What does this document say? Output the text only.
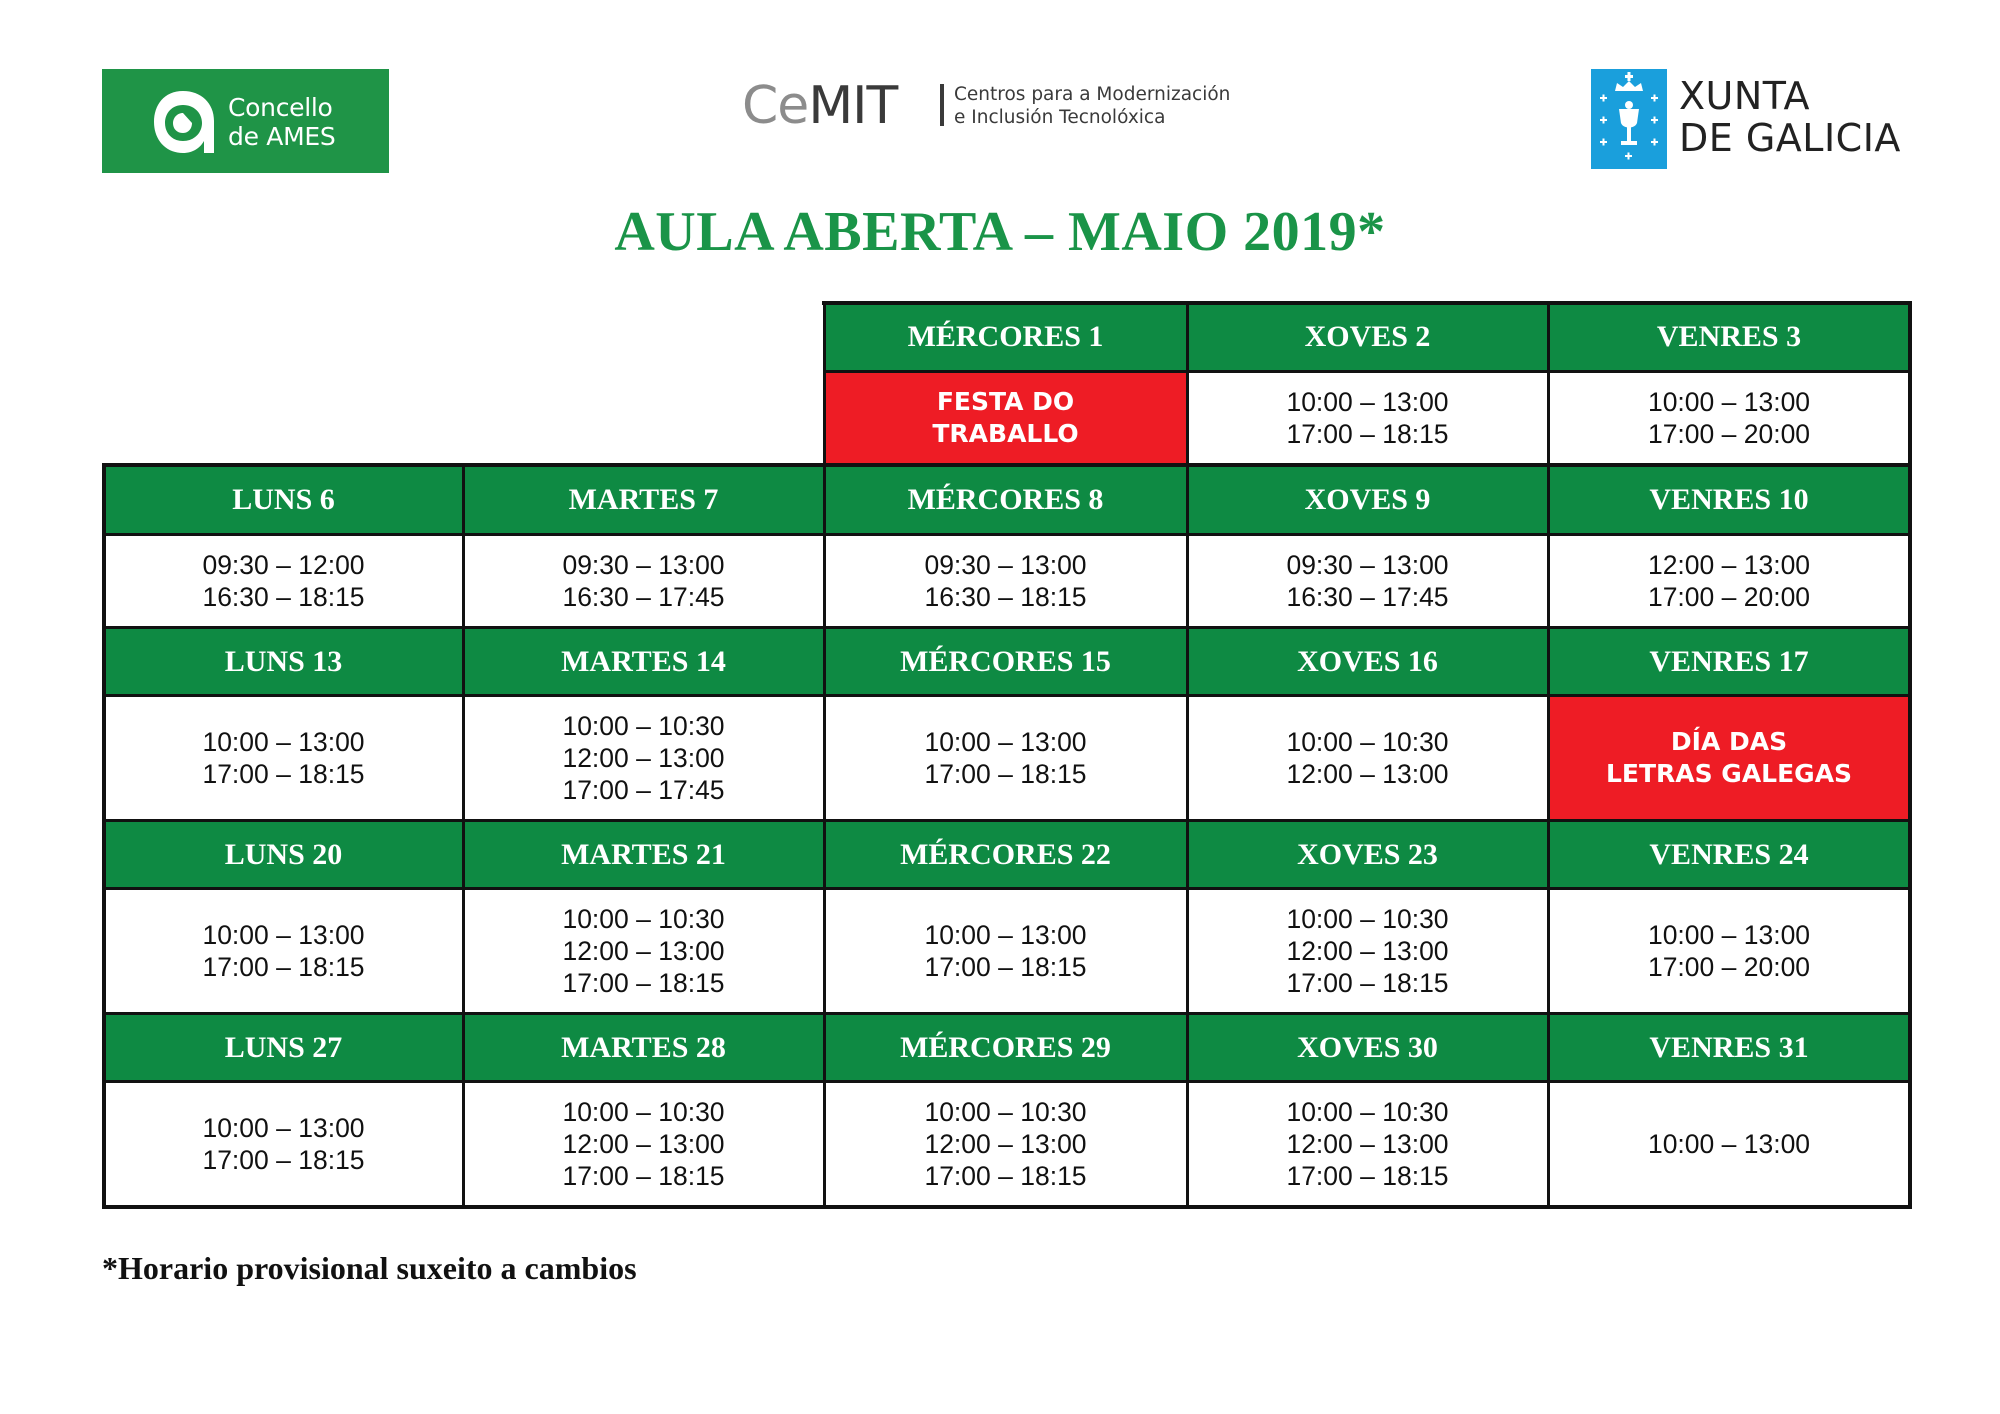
Concello
de AMES
CeMIT	Centros para a Modernización
e Inclusión Tecnolóxica	XUNTA
DE GALICIA
AULA ABERTA – MAIO 2019*
MÉRCORES 1
FESTA DO
TRABALLO
XOVES 2
10:00 – 13:00
17:00 – 18:15
VENRES 3
10:00 – 13:00
17:00 – 20:00
LUNS 6
09:30 – 12:00
16:30 – 18:15
MARTES 7
09:30 – 13:00
16:30 – 17:45
MÉRCORES 8
09:30 – 13:00
16:30 – 18:15
XOVES 9
09:30 – 13:00
16:30 – 17:45
VENRES 10
12:00 – 13:00
17:00 – 20:00
LUNS 13
10:00 – 13:00
17:00 – 18:15
MARTES 14
10:00 – 10:30
12:00 – 13:00
17:00 – 17:45
MÉRCORES 15
10:00 – 13:00
17:00 – 18:15
XOVES 16
10:00 – 10:30
12:00 – 13:00
VENRES 17
DÍA DAS
LETRAS GALEGAS
LUNS 20
10:00 – 13:00
17:00 – 18:15
MARTES 21
10:00 – 10:30
12:00 – 13:00
17:00 – 18:15
MÉRCORES 22
10:00 – 13:00
17:00 – 18:15
XOVES 23
10:00 – 10:30
12:00 – 13:00
17:00 – 18:15
VENRES 24
10:00 – 13:00
17:00 – 20:00
LUNS 27
10:00 – 13:00
17:00 – 18:15
MARTES 28
10:00 – 10:30
12:00 – 13:00
17:00 – 18:15
MÉRCORES 29
10:00 – 10:30
12:00 – 13:00
17:00 – 18:15
XOVES 30
10:00 – 10:30
12:00 – 13:00
17:00 – 18:15
VENRES 31
10:00 – 13:00
*Horario provisional suxeito a cambios
